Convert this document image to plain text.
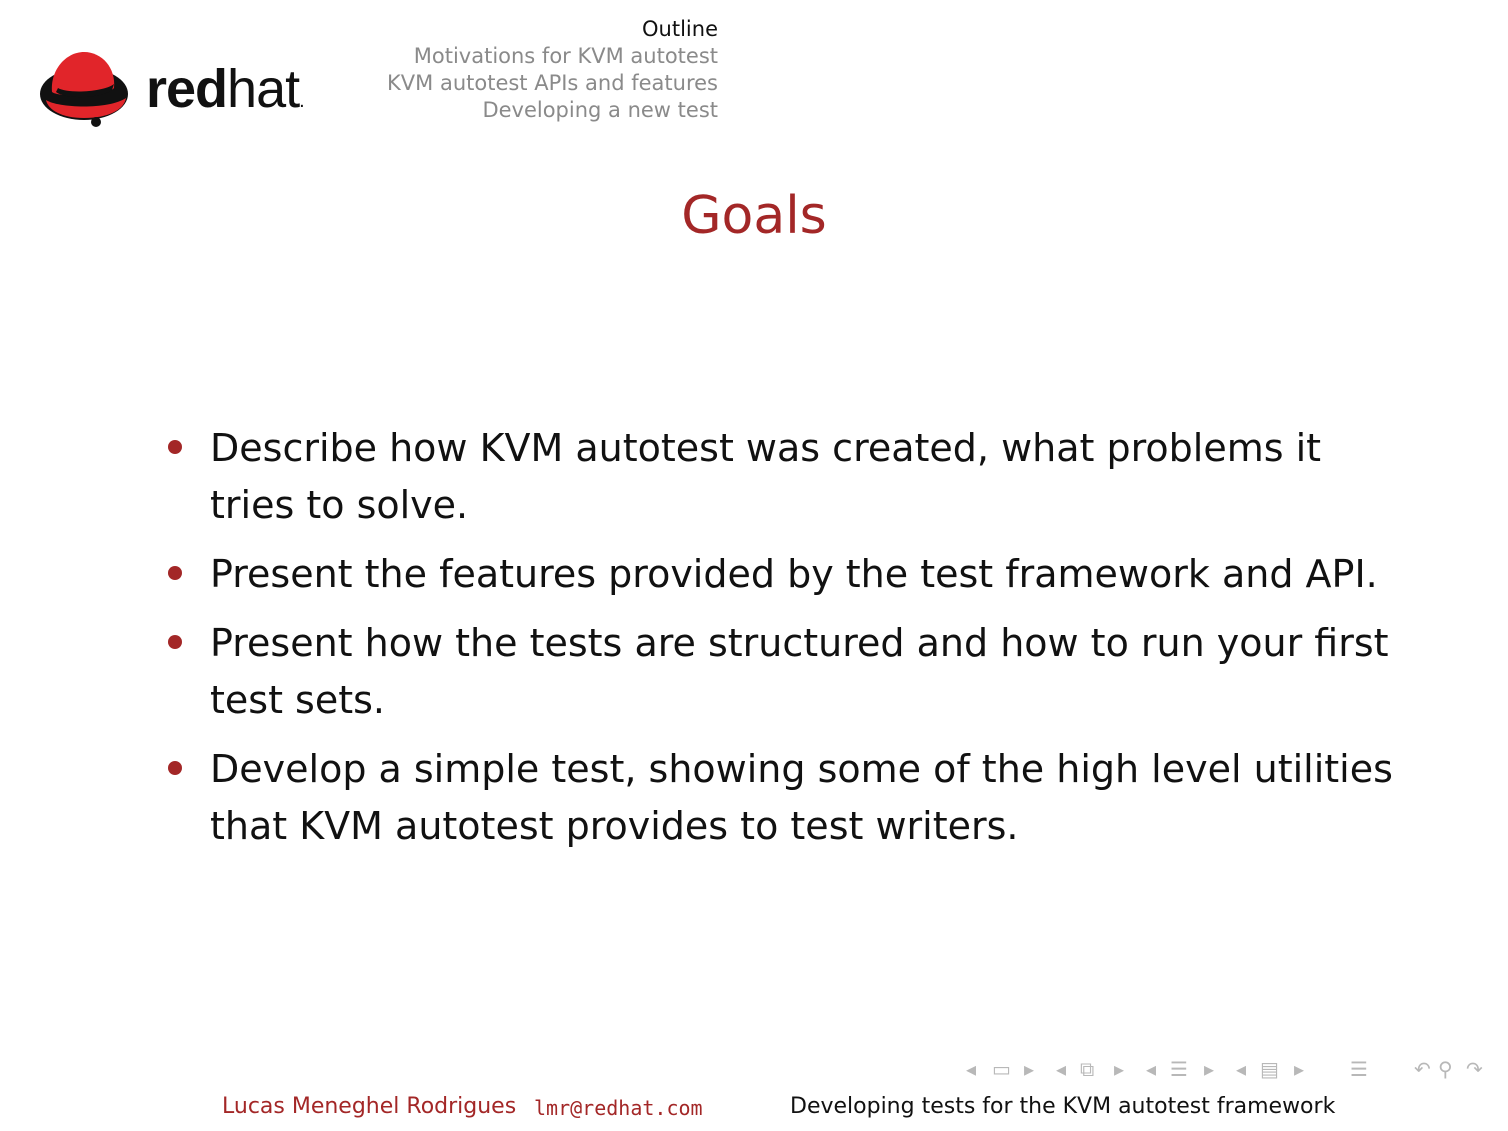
redhat.
Outline
Motivations for KVM autotest
KVM autotest APIs and features
Developing a new test
Goals
Describe how KVM autotest was created, what problems it tries to solve.
Present the features provided by the test framework and API.
Present how the tests are structured and how to run your first test sets.
Develop a simple test, showing some of the high level utilities that KVM autotest provides to test writers.
◂ ▭ ▸ ◂ ⧉ ▸ ◂ ☰ ▸ ◂ ▤ ▸ ☰ ↶ ⚲ ↷
Lucas Meneghel Rodrigues lmr@redhat.com	Developing tests for the KVM autotest framework
